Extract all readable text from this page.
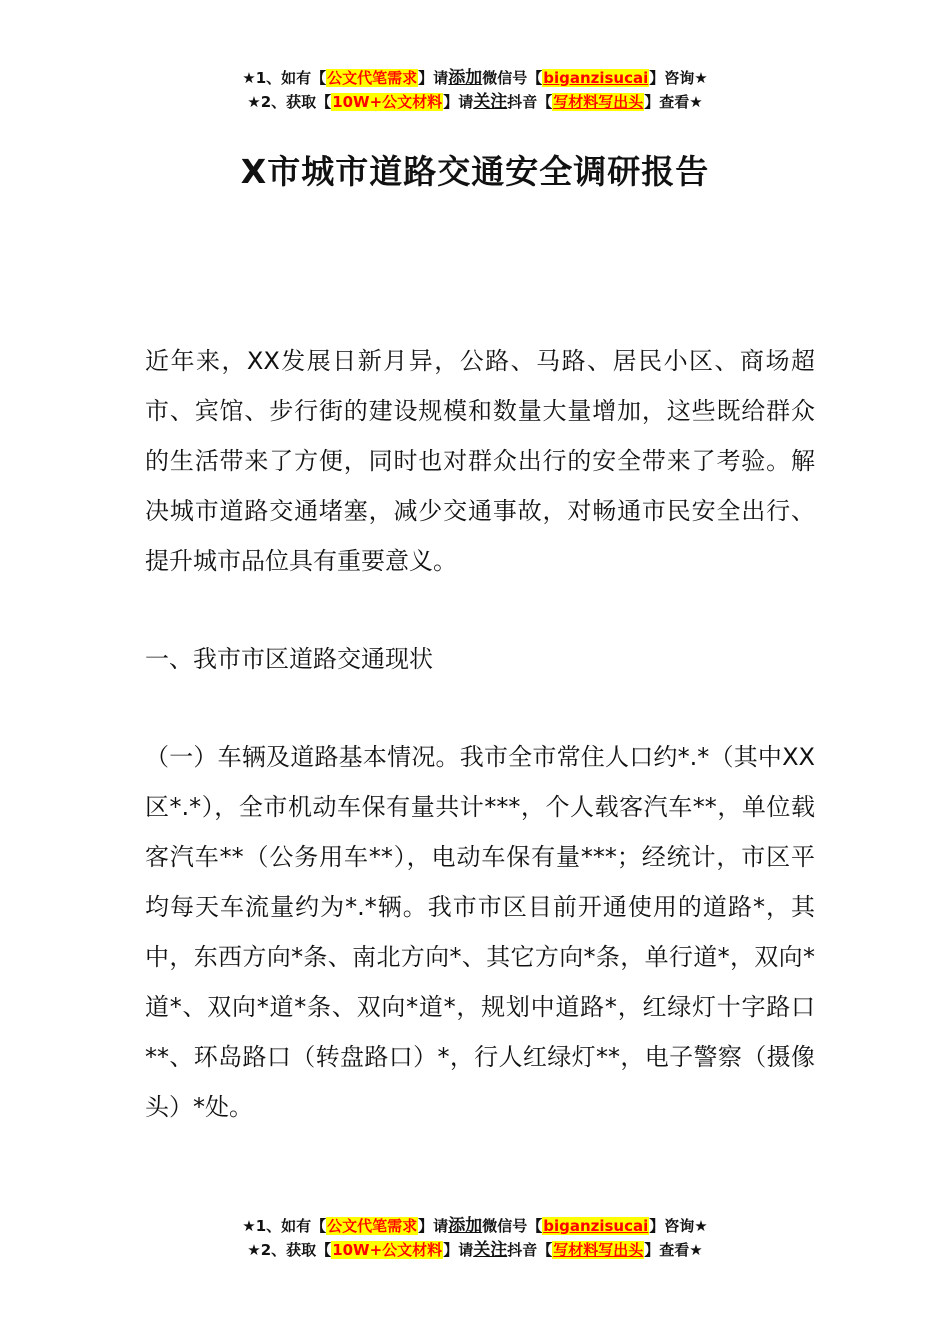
★1、如有【公文代笔需求】请添加微信号【biganzisucai】咨询★
★2、获取【10W+公文材料】请关注抖音【写材料写出头】查看★
X市城市道路交通安全调研报告

近年来，XX发展日新月异，公路、马路、居民小区、商场超市、宾馆、步行街的建设规模和数量大量增加，这些既给群众的生活带来了方便，同时也对群众出行的安全带来了考验。解决城市道路交通堵塞，减少交通事故，对畅通市民安全出行、提升城市品位具有重要意义。

一、我市市区道路交通现状

（一）车辆及道路基本情况。我市全市常住人口约*.*（其中XX区*.*），全市机动车保有量共计***，个人载客汽车**，单位载客汽车**（公务用车**），电动车保有量***；经统计，市区平均每天车流量约为*.*辆。我市市区目前开通使用的道路*，其中，东西方向*条、南北方向*、其它方向*条，单行道*，双向*道*、双向*道*条、双向*道*，规划中道路*，红绿灯十字路口**、环岛路口（转盘路口）*，行人红绿灯**，电子警察（摄像头）*处。

★1、如有【公文代笔需求】请添加微信号【biganzisucai】咨询★
★2、获取【10W+公文材料】请关注抖音【写材料写出头】查看★
